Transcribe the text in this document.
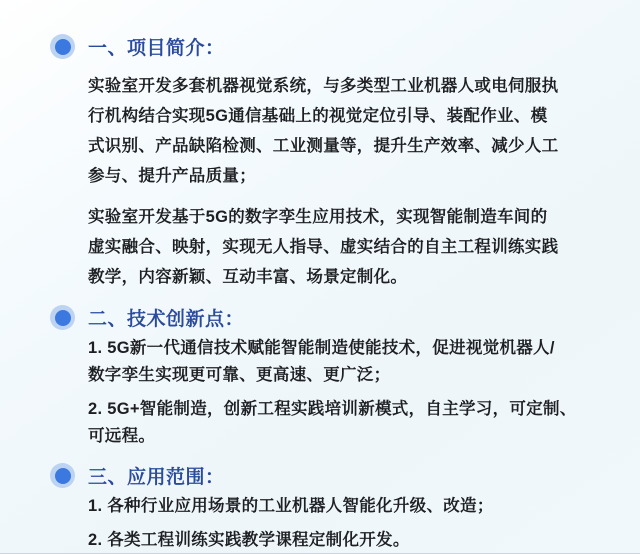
一、项目简介：
实验室开发多套机器视觉系统，与多类型工业机器人或电伺服执
行机构结合实现5G通信基础上的视觉定位引导、装配作业、模
式识别、产品缺陷检测、工业测量等，提升生产效率、减少人工
参与、提升产品质量；
实验室开发基于5G的数字孪生应用技术，实现智能制造车间的
虚实融合、映射，实现无人指导、虚实结合的自主工程训练实践
教学，内容新颖、互动丰富、场景定制化。
二、技术创新点：
1. 5G新一代通信技术赋能智能制造使能技术，促进视觉机器人/
数字孪生实现更可靠、更高速、更广泛；
2. 5G+智能制造，创新工程实践培训新模式，自主学习，可定制、
可远程。
三、应用范围：
1. 各种行业应用场景的工业机器人智能化升级、改造；
2. 各类工程训练实践教学课程定制化开发。
